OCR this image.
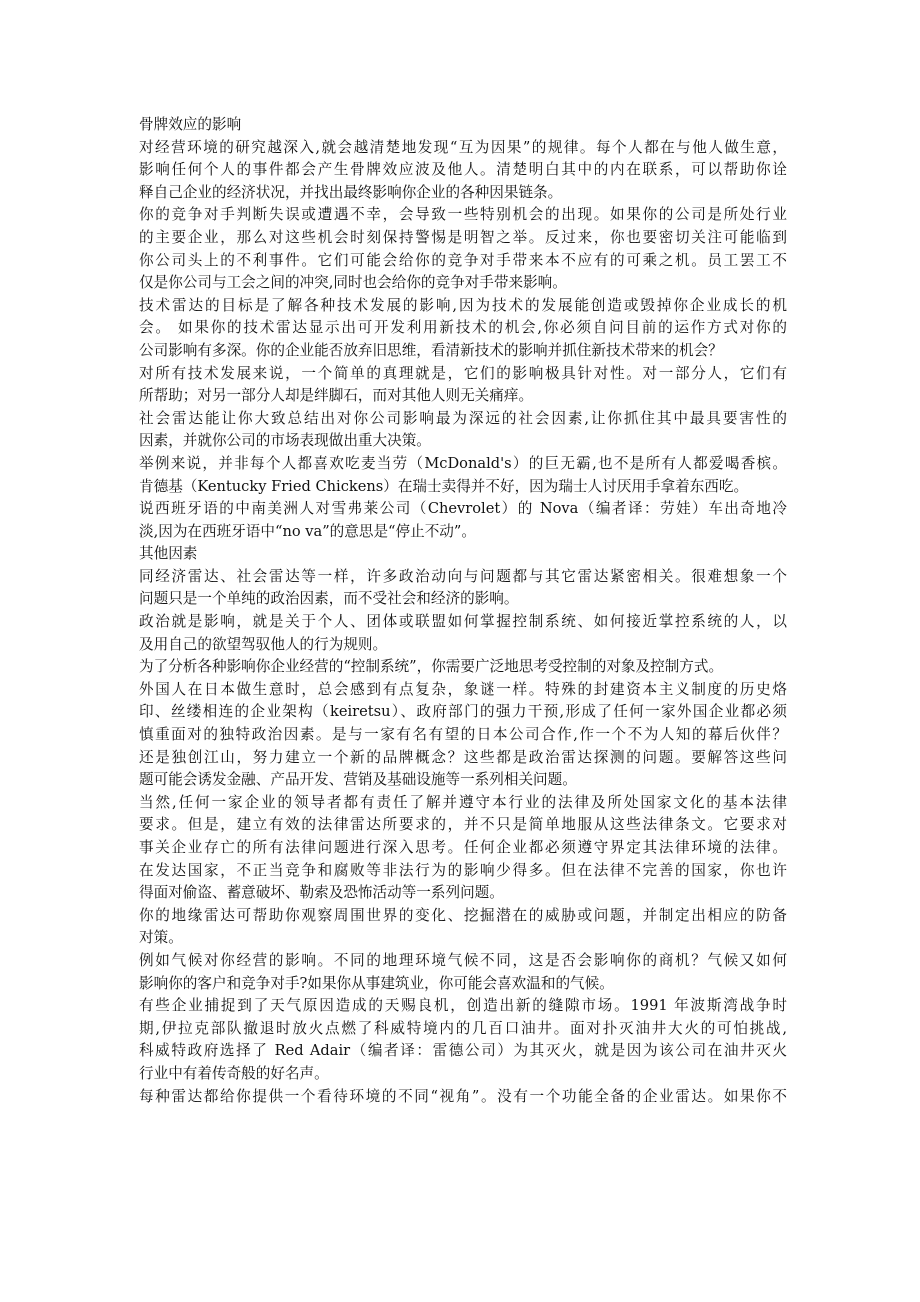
骨牌效应的影响
对经营环境的研究越深入,就会越清楚地发现“互为因果”的规律。每个人都在与他人做生意，
影响任何个人的事件都会产生骨牌效应波及他人。清楚明白其中的内在联系，可以帮助你诠
释自己企业的经济状况，并找出最终影响你企业的各种因果链条。
你的竞争对手判断失误或遭遇不幸，会导致一些特别机会的出现。如果你的公司是所处行业
的主要企业，那么对这些机会时刻保持警惕是明智之举。反过来，你也要密切关注可能临到
你公司头上的不利事件。它们可能会给你的竞争对手带来本不应有的可乘之机。员工罢工不
仅是你公司与工会之间的冲突,同时也会给你的竞争对手带来影响。
技术雷达的目标是了解各种技术发展的影响,因为技术的发展能创造或毁掉你企业成长的机
会。 如果你的技术雷达显示出可开发利用新技术的机会,你必须自问目前的运作方式对你的
公司影响有多深。你的企业能否放弃旧思维，看清新技术的影响并抓住新技术带来的机会？
对所有技术发展来说，一个简单的真理就是，它们的影响极具针对性。对一部分人，它们有
所帮助；对另一部分人却是绊脚石，而对其他人则无关痛痒。
社会雷达能让你大致总结出对你公司影响最为深远的社会因素,让你抓住其中最具要害性的
因素，并就你公司的市场表现做出重大决策。
举例来说，并非每个人都喜欢吃麦当劳（McDonald's）的巨无霸,也不是所有人都爱喝香槟。
肯德基（Kentucky Fried Chickens）在瑞士卖得并不好，因为瑞士人讨厌用手拿着东西吃。
说西班牙语的中南美洲人对雪弗莱公司（Chevrolet）的 Nova（编者译：劳娃）车出奇地冷
淡,因为在西班牙语中“no va”的意思是“停止不动”。
其他因素
同经济雷达、社会雷达等一样，许多政治动向与问题都与其它雷达紧密相关。很难想象一个
问题只是一个单纯的政治因素，而不受社会和经济的影响。
政治就是影响，就是关于个人、团体或联盟如何掌握控制系统、如何接近掌控系统的人，以
及用自己的欲望驾驭他人的行为规则。
为了分析各种影响你企业经营的“控制系统”，你需要广泛地思考受控制的对象及控制方式。
外国人在日本做生意时，总会感到有点复杂，象谜一样。特殊的封建资本主义制度的历史烙
印、丝缕相连的企业架构（keiretsu）、政府部门的强力干预,形成了任何一家外国企业都必须
慎重面对的独特政治因素。是与一家有名有望的日本公司合作,作一个不为人知的幕后伙伴？
还是独创江山，努力建立一个新的品牌概念？这些都是政治雷达探测的问题。要解答这些问
题可能会诱发金融、产品开发、营销及基础设施等一系列相关问题。
当然,任何一家企业的领导者都有责任了解并遵守本行业的法律及所处国家文化的基本法律
要求。但是，建立有效的法律雷达所要求的，并不只是简单地服从这些法律条文。它要求对
事关企业存亡的所有法律问题进行深入思考。任何企业都必须遵守界定其法律环境的法律。
在发达国家，不正当竞争和腐败等非法行为的影响少得多。但在法律不完善的国家，你也许
得面对偷盗、蓄意破坏、勒索及恐怖活动等一系列问题。
你的地缘雷达可帮助你观察周围世界的变化、挖掘潜在的威胁或问题，并制定出相应的防备
对策。
例如气候对你经营的影响。不同的地理环境气候不同，这是否会影响你的商机？气候又如何
影响你的客户和竞争对手?如果你从事建筑业，你可能会喜欢温和的气候。
有些企业捕捉到了天气原因造成的天赐良机，创造出新的缝隙市场。1991 年波斯湾战争时
期,伊拉克部队撤退时放火点燃了科威特境内的几百口油井。面对扑灭油井大火的可怕挑战,
科威特政府选择了 Red Adair（编者译：雷德公司）为其灭火，就是因为该公司在油井灭火
行业中有着传奇般的好名声。
每种雷达都给你提供一个看待环境的不同“视角”。没有一个功能全备的企业雷达。如果你不
